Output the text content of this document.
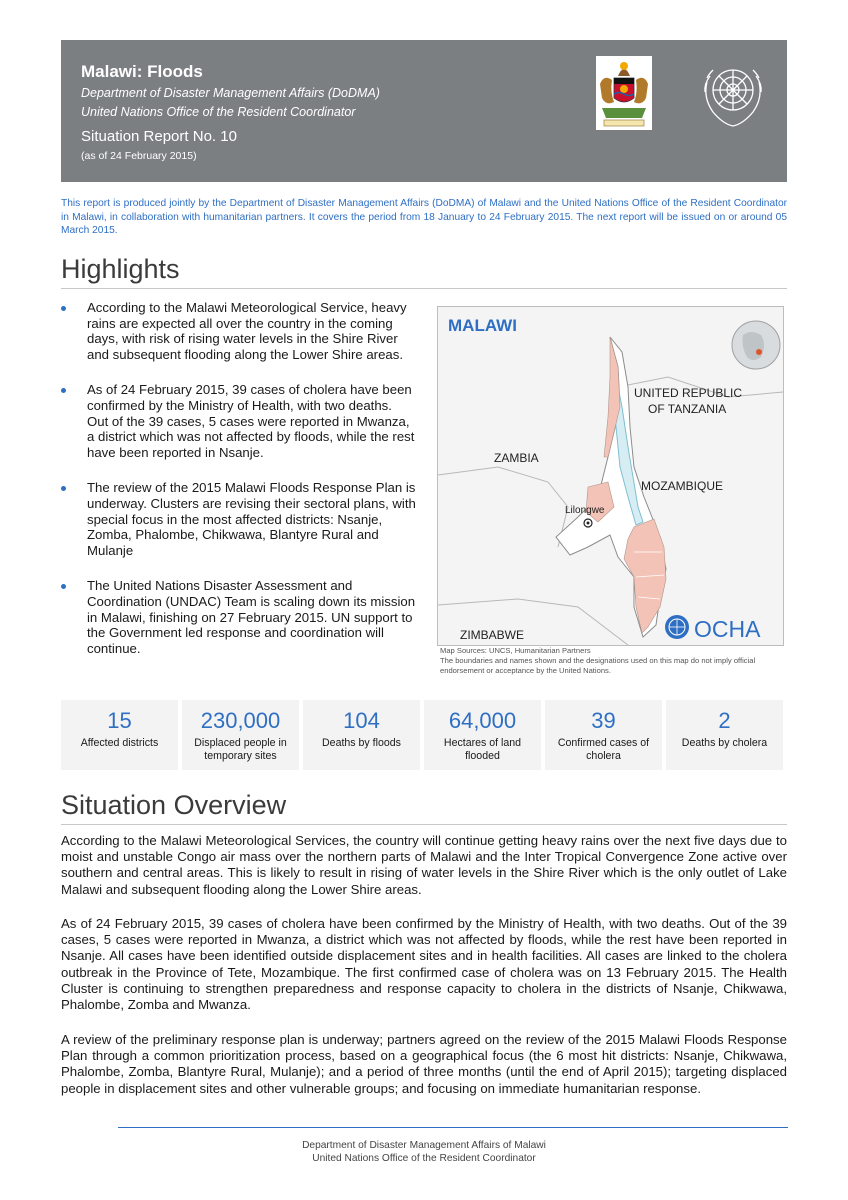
Malawi: Floods
Department of Disaster Management Affairs (DoDMA)
United Nations Office of the Resident Coordinator
Situation Report No. 10
(as of 24 February 2015)
This report is produced jointly by the Department of Disaster Management Affairs (DoDMA) of Malawi and the United Nations Office of the Resident Coordinator in Malawi, in collaboration with humanitarian partners. It covers the period from 18 January to 24 February 2015. The next report will be issued on or around 05 March 2015.
Highlights
According to the Malawi Meteorological Service, heavy rains are expected all over the country in the coming days, with risk of rising water levels in the Shire River and subsequent flooding along the Lower Shire areas.
As of 24 February 2015, 39 cases of cholera have been confirmed by the Ministry of Health, with two deaths. Out of the 39 cases, 5 cases were reported in Mwanza, a district which was not affected by floods, while the rest have been reported in Nsanje.
The review of the 2015 Malawi Floods Response Plan is underway. Clusters are revising their sectoral plans, with special focus in the most affected districts: Nsanje, Zomba, Phalombe, Chikwawa, Blantyre Rural and Mulanje
The United Nations Disaster Assessment and Coordination (UNDAC) Team is scaling down its mission in Malawi, finishing on 27 February 2015. UN support to the Government led response and coordination will continue.
MALAWI
UNITED REPUBLIC
OF TANZANIA
ZAMBIA
MOZAMBIQUE
Lilongwe
ZIMBABWE	OCHA
Map Sources: UNCS, Humanitarian Partners
The boundaries and names shown and the designations used on this map do not imply official endorsement or acceptance by the United Nations.
15
Affected districts
230,000
Displaced people in temporary sites
104
Deaths by floods
64,000
Hectares of land flooded
39
Confirmed cases of cholera
2
Deaths by cholera
Situation Overview

According to the Malawi Meteorological Services, the country will continue getting heavy rains over the next five days due to moist and unstable Congo air mass over the northern parts of Malawi and the Inter Tropical Convergence Zone active over southern and central areas. This is likely to result in rising of water levels in the Shire River which is the only outlet of Lake Malawi and subsequent flooding along the Lower Shire areas.

As of 24 February 2015, 39 cases of cholera have been confirmed by the Ministry of Health, with two deaths. Out of the 39 cases, 5 cases were reported in Mwanza, a district which was not affected by floods, while the rest have been reported in Nsanje. All cases have been identified outside displacement sites and in health facilities. All cases are linked to the cholera outbreak in the Province of Tete, Mozambique. The first confirmed case of cholera was on 13 February 2015. The Health Cluster is continuing to strengthen preparedness and response capacity to cholera in the districts of Nsanje, Chikwawa, Phalombe, Zomba and Mwanza.

A review of the preliminary response plan is underway; partners agreed on the review of the 2015 Malawi Floods Response Plan through a common prioritization process, based on a geographical focus (the 6 most hit districts: Nsanje, Chikwawa, Phalombe, Zomba, Blantyre Rural, Mulanje); and a period of three months (until the end of April 2015); targeting displaced people in displacement sites and other vulnerable groups; and focusing on immediate humanitarian response.

Department of Disaster Management Affairs of Malawi
United Nations Office of the Resident Coordinator
